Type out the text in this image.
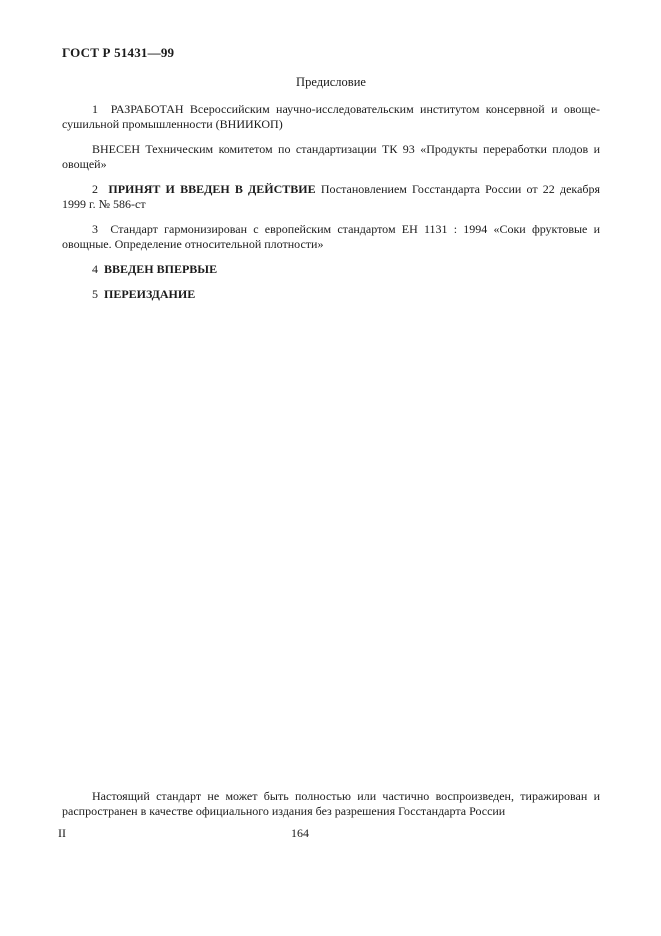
ГОСТ Р 51431—99
Предисловие

1 РАЗРАБОТАН Всероссийским научно-исследовательским институтом консервной и овощесушильной промышленности (ВНИИКОП)

ВНЕСЕН Техническим комитетом по стандартизации ТК 93 «Продукты переработки плодов и овощей»

2 ПРИНЯТ И ВВЕДЕН В ДЕЙСТВИЕ Постановлением Госстандарта России от 22 декабря 1999 г. № 586-ст

3 Стандарт гармонизирован с европейским стандартом ЕН 1131 : 1994 «Соки фруктовые и овощные. Определение относительной плотности»

4 ВВЕДЕН ВПЕРВЫЕ

5 ПЕРЕИЗДАНИЕ

Настоящий стандарт не может быть полностью или частично воспроизведен, тиражирован и распространен в качестве официального издания без разрешения Госстандарта России

II	164
